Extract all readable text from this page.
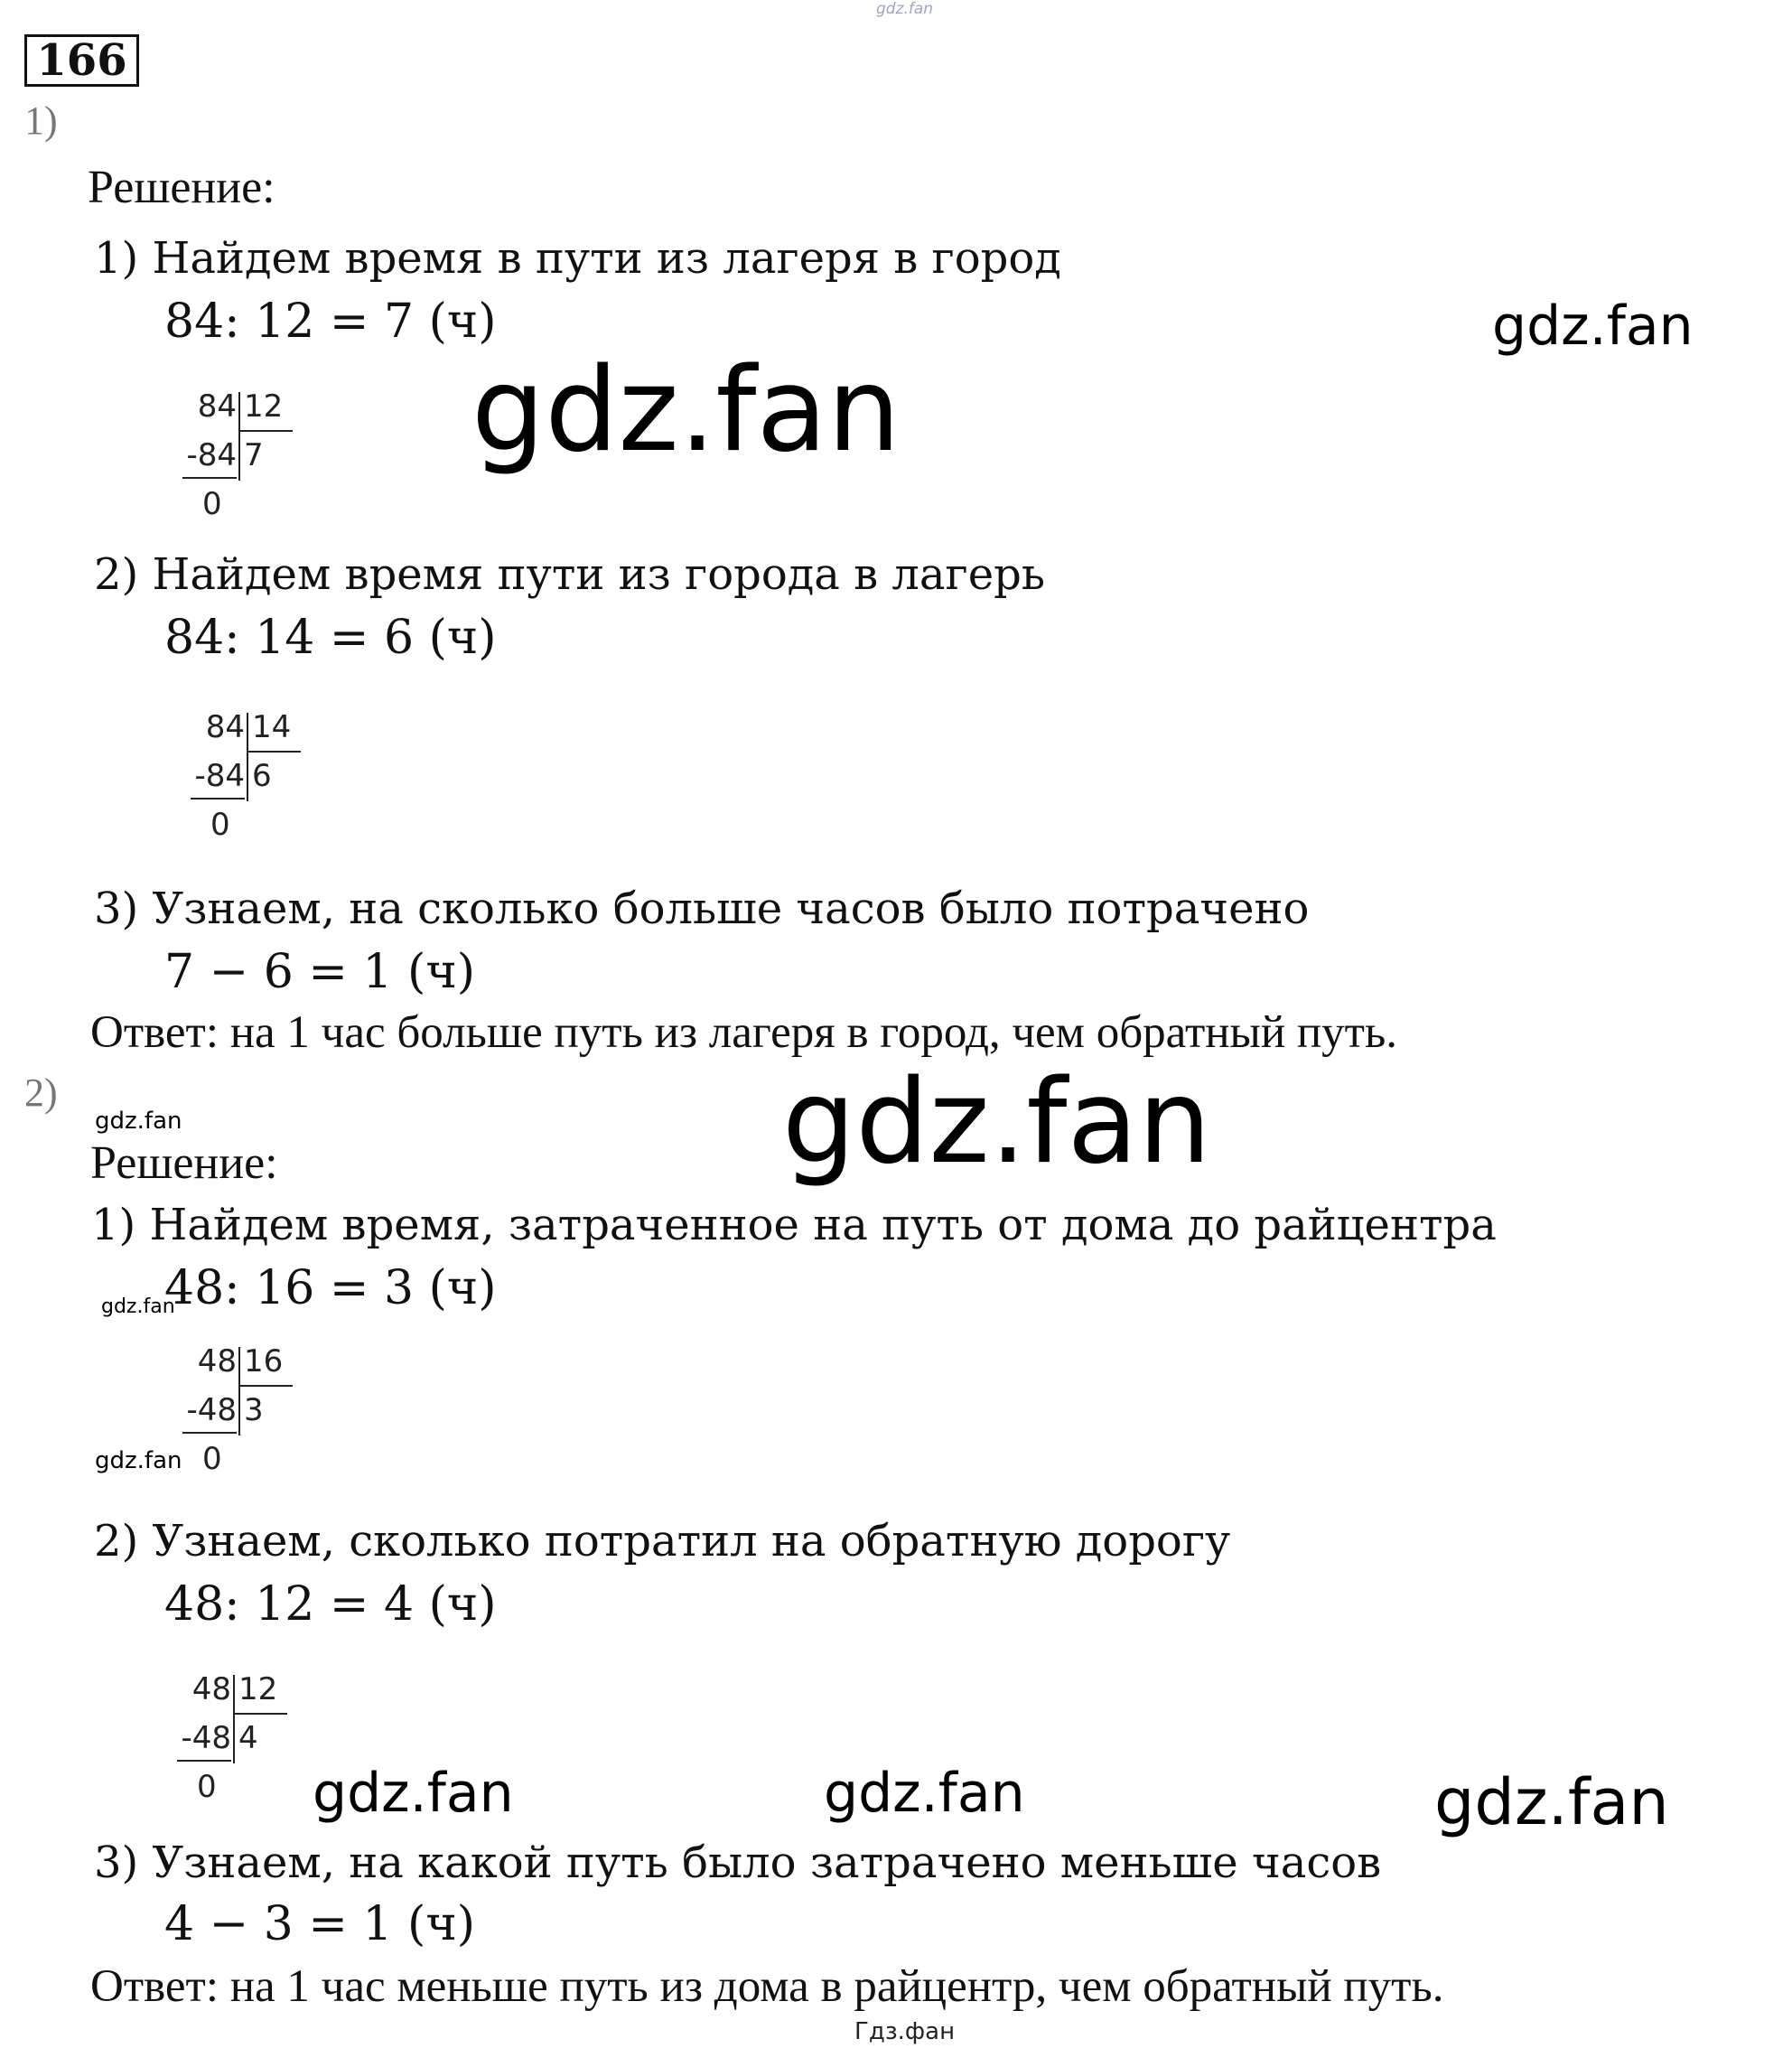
gdz.fan
166
1)
Решение:
1) Найдем время в пути из лагеря в город
84: 12 = 7 (ч)
84 12
-84 7
0
2) Найдем время пути из города в лагерь
84: 14 = 6 (ч)
84 14
-84 6
0
3) Узнаем, на сколько больше часов было потрачено
7 − 6 = 1 (ч)
Ответ: на 1 час больше путь из лагеря в город, чем обратный путь.
2)
Решение:
1) Найдем время, затраченное на путь от дома до райцентра
48: 16 = 3 (ч)
48 16
-48 3
0
2) Узнаем, сколько потратил на обратную дорогу
48: 12 = 4 (ч)
48 12
-48 4
0
3) Узнаем, на какой путь было затрачено меньше часов
4 − 3 = 1 (ч)
Ответ: на 1 час меньше путь из дома в райцентр, чем обратный путь.
gdz.fan
gdz.fan
gdz.fan
gdz.fan
gdz.fan
gdz.fan
gdz.fan	gdz.fan	gdz.fan
Гдз.фан
